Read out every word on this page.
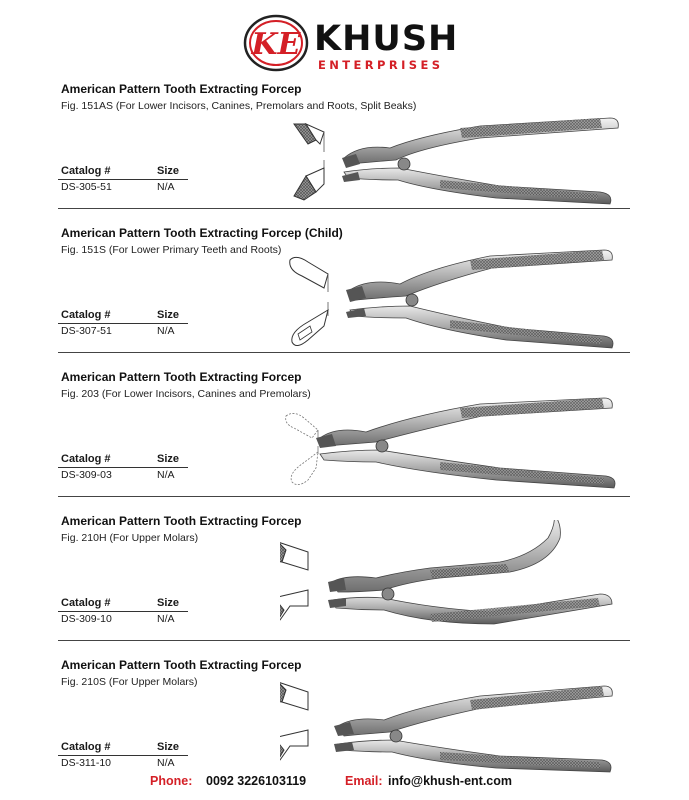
KE KHUSH
ENTERPRISES
American Pattern Tooth Extracting Forcep
Fig. 151AS (For Lower Incisors, Canines, Premolars and Roots, Split Beaks)
Catalog #	Size
DS-305-51	N/A
American Pattern Tooth Extracting Forcep (Child)
Fig. 151S (For Lower Primary Teeth and Roots)
Catalog #	Size
DS-307-51	N/A
American Pattern Tooth Extracting Forcep
Fig. 203 (For Lower Incisors, Canines and Premolars)
Catalog #	Size
DS-309-03	N/A
American Pattern Tooth Extracting Forcep
Fig. 210H (For Upper Molars)
Catalog #	Size
DS-309-10	N/A
American Pattern Tooth Extracting Forcep
Fig. 210S (For Upper Molars)
Catalog #	Size
DS-311-10	N/A
Phone: 0092 3226103119	Email: info@khush-ent.com
